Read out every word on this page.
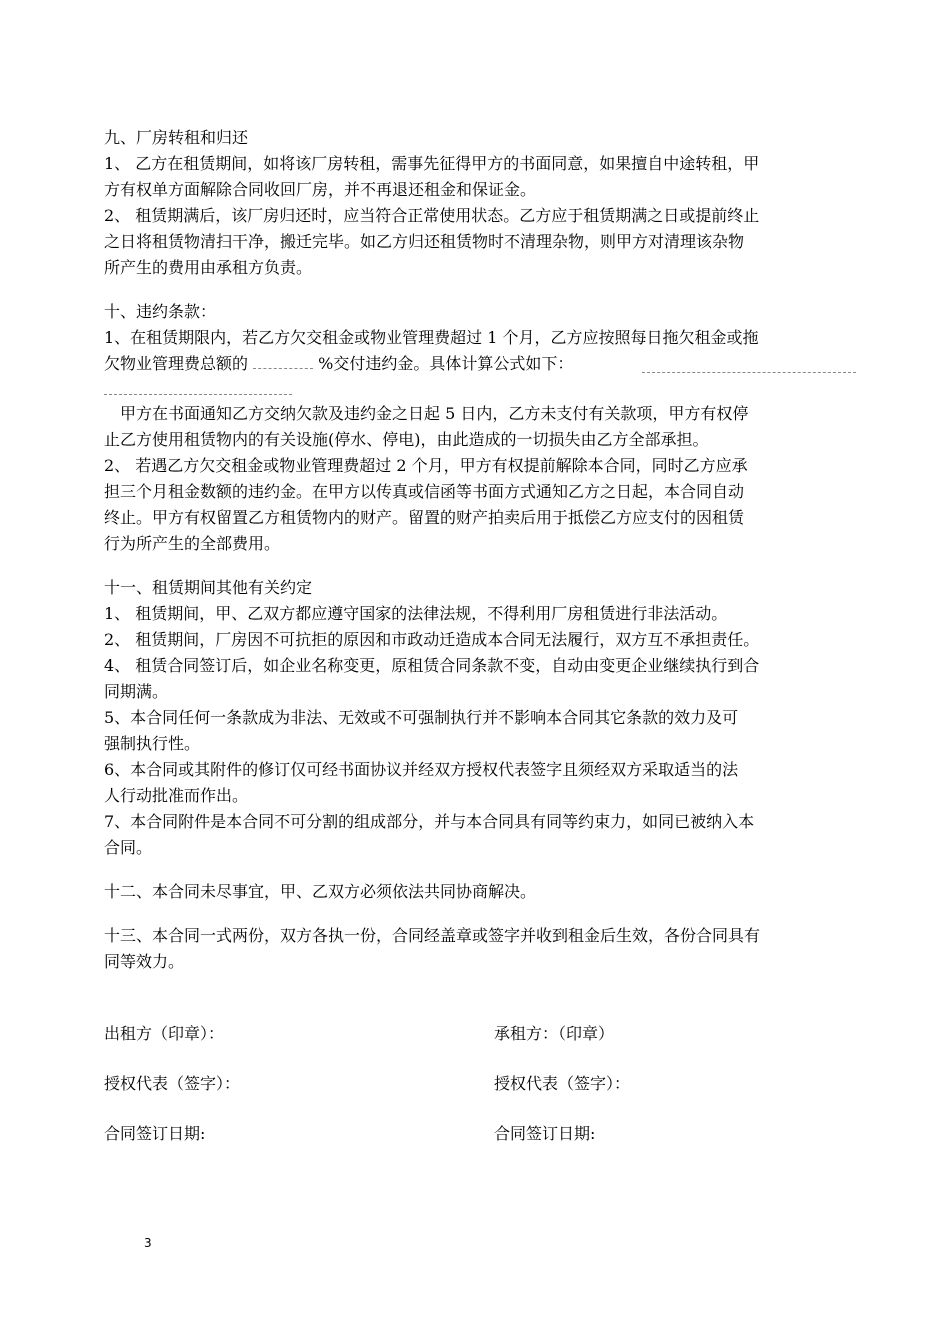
九、厂房转租和归还
1、 乙方在租赁期间，如将该厂房转租，需事先征得甲方的书面同意，如果擅自中途转租，甲
方有权单方面解除合同收回厂房，并不再退还租金和保证金。
2、 租赁期满后，该厂房归还时，应当符合正常使用状态。乙方应于租赁期满之日或提前终止
之日将租赁物清扫干净，搬迁完毕。如乙方归还租赁物时不清理杂物，则甲方对清理该杂物
所产生的费用由承租方负责。
十、违约条款：
1、在租赁期限内，若乙方欠交租金或物业管理费超过 1 个月，乙方应按照每日拖欠租金或拖
欠物业管理费总额的	%交付违约金。具体计算公式如下：
甲方在书面通知乙方交纳欠款及违约金之日起 5 日内，乙方未支付有关款项，甲方有权停
止乙方使用租赁物内的有关设施(停水、停电)，由此造成的一切损失由乙方全部承担。
2、 若遇乙方欠交租金或物业管理费超过 2 个月，甲方有权提前解除本合同，同时乙方应承
担三个月租金数额的违约金。在甲方以传真或信函等书面方式通知乙方之日起，本合同自动
终止。甲方有权留置乙方租赁物内的财产。留置的财产拍卖后用于抵偿乙方应支付的因租赁
行为所产生的全部费用。
十一、租赁期间其他有关约定
1、 租赁期间，甲、乙双方都应遵守国家的法律法规，不得利用厂房租赁进行非法活动。
2、 租赁期间，厂房因不可抗拒的原因和市政动迁造成本合同无法履行，双方互不承担责任。
4、 租赁合同签订后，如企业名称变更，原租赁合同条款不变，自动由变更企业继续执行到合
同期满。
5、本合同任何一条款成为非法、无效或不可强制执行并不影响本合同其它条款的效力及可
强制执行性。
6、本合同或其附件的修订仅可经书面协议并经双方授权代表签字且须经双方采取适当的法
人行动批准而作出。
7、本合同附件是本合同不可分割的组成部分，并与本合同具有同等约束力，如同已被纳入本
合同。
十二、本合同未尽事宜，甲、乙双方必须依法共同协商解决。
十三、本合同一式两份，双方各执一份，合同经盖章或签字并收到租金后生效，各份合同具有
同等效力。
出租方（印章）：	承租方：（印章）
授权代表（签字）：	授权代表（签字）：
合同签订日期:	合同签订日期:
3
